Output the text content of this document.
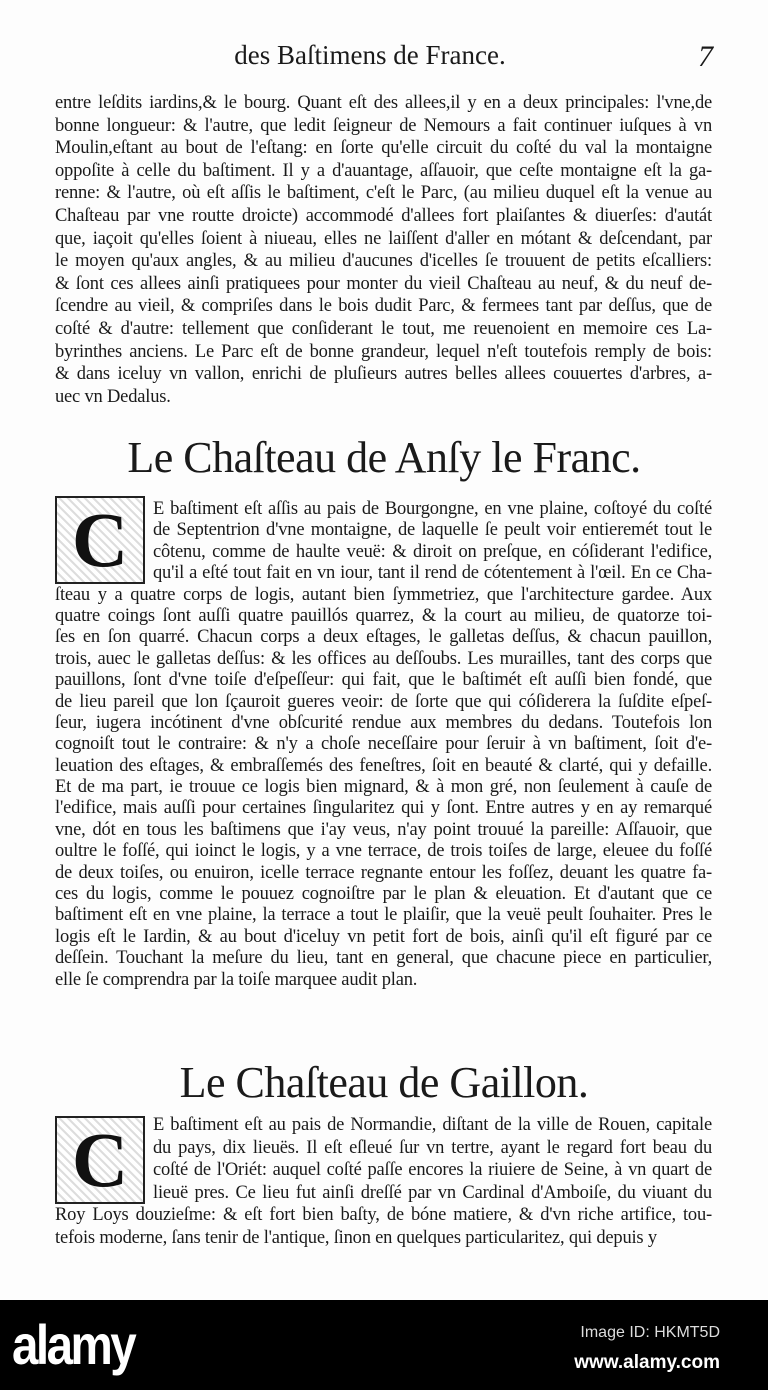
des Baſtimens de France.	7
entre leſdits iardins,& le bourg. Quant eſt des allees,il y en a deux principales: l'vne,de
bonne longueur: & l'autre, que ledit ſeigneur de Nemours a fait continuer iuſques à vn
Moulin,eſtant au bout de l'eſtang: en ſorte qu'elle circuit du coſté du val la montaigne
oppoſite à celle du baſtiment. Il y a d'auantage, aſſauoir, que ceſte montaigne eſt la ga-
renne: & l'autre, où eſt aſſis le baſtiment, c'eſt le Parc, (au milieu duquel eſt la venue au
Chaſteau par vne routte droicte) accommodé d'allees fort plaiſantes & diuerſes: d'autát
que, iaçoit qu'elles ſoient à niueau, elles ne laiſſent d'aller en mótant & deſcendant, par
le moyen qu'aux angles, & au milieu d'aucunes d'icelles ſe trouuent de petits eſcalliers:
& ſont ces allees ainſi pratiquees pour monter du vieil Chaſteau au neuf, & du neuf de-
ſcendre au vieil, & compriſes dans le bois dudit Parc, & fermees tant par deſſus, que de
coſté & d'autre: tellement que conſiderant le tout, me reuenoient en memoire ces La-
byrinthes anciens. Le Parc eſt de bonne grandeur, lequel n'eſt toutefois remply de bois:
& dans iceluy vn vallon, enrichi de pluſieurs autres belles allees couuertes d'arbres, a-
uec vn Dedalus.
Le Chaſteau de Anſy le Franc.
C E baſtiment eſt aſſis au pais de Bourgongne, en vne plaine, coſtoyé du coſté
de Septentrion d'vne montaigne, de laquelle ſe peult voir entieremét tout le
côtenu, comme de haulte veuë: & diroit on preſque, en cóſiderant l'edifice,
qu'il a eſté tout fait en vn iour, tant il rend de cótentement à l'œil. En ce Cha-
ſteau y a quatre corps de logis, autant bien ſymmetriez, que l'architecture gardee. Aux
quatre coings ſont auſſi quatre pauillós quarrez, & la court au milieu, de quatorze toi-
ſes en ſon quarré. Chacun corps a deux eſtages, le galletas deſſus, & chacun pauillon,
trois, auec le galletas deſſus: & les offices au deſſoubs. Les murailles, tant des corps que
pauillons, ſont d'vne toiſe d'eſpeſſeur: qui fait, que le baſtimét eſt auſſi bien fondé, que
de lieu pareil que lon ſçauroit gueres veoir: de ſorte que qui cóſiderera la ſuſdite eſpeſ-
ſeur, iugera incótinent d'vne obſcurité rendue aux membres du dedans. Toutefois lon
cognoiſt tout le contraire: & n'y a choſe neceſſaire pour ſeruir à vn baſtiment, ſoit d'e-
leuation des eſtages, & embraſſemés des feneſtres, ſoit en beauté & clarté, qui y defaille.
Et de ma part, ie trouue ce logis bien mignard, & à mon gré, non ſeulement à cauſe de
l'edifice, mais auſſi pour certaines ſingularitez qui y ſont. Entre autres y en ay remarqué
vne, dót en tous les baſtimens que i'ay veus, n'ay point trouué la pareille: Aſſauoir, que
oultre le foſſé, qui ioinct le logis, y a vne terrace, de trois toiſes de large, eleuee du foſſé
de deux toiſes, ou enuiron, icelle terrace regnante entour les foſſez, deuant les quatre fa-
ces du logis, comme le pouuez cognoiſtre par le plan & eleuation. Et d'autant que ce
baſtiment eſt en vne plaine, la terrace a tout le plaiſir, que la veuë peult ſouhaiter. Pres le
logis eſt le Iardin, & au bout d'iceluy vn petit fort de bois, ainſi qu'il eſt figuré par ce
deſſein. Touchant la meſure du lieu, tant en general, que chacune piece en particulier,
elle ſe comprendra par la toiſe marquee audit plan.
Le Chaſteau de Gaillon.
C E baſtiment eſt au pais de Normandie, diſtant de la ville de Rouen, capitale
du pays, dix lieuës. Il eſt eſleué ſur vn tertre, ayant le regard fort beau du
coſté de l'Oriét: auquel coſté paſſe encores la riuiere de Seine, à vn quart de
lieuë pres. Ce lieu fut ainſi dreſſé par vn Cardinal d'Amboiſe, du viuant du
Roy Loys douzieſme: & eſt fort bien baſty, de bóne matiere, & d'vn riche artifice, tou-
tefois moderne, ſans tenir de l'antique, ſinon en quelques particularitez, qui depuis y
alamy	Image ID: HKMT5D
www.alamy.com
